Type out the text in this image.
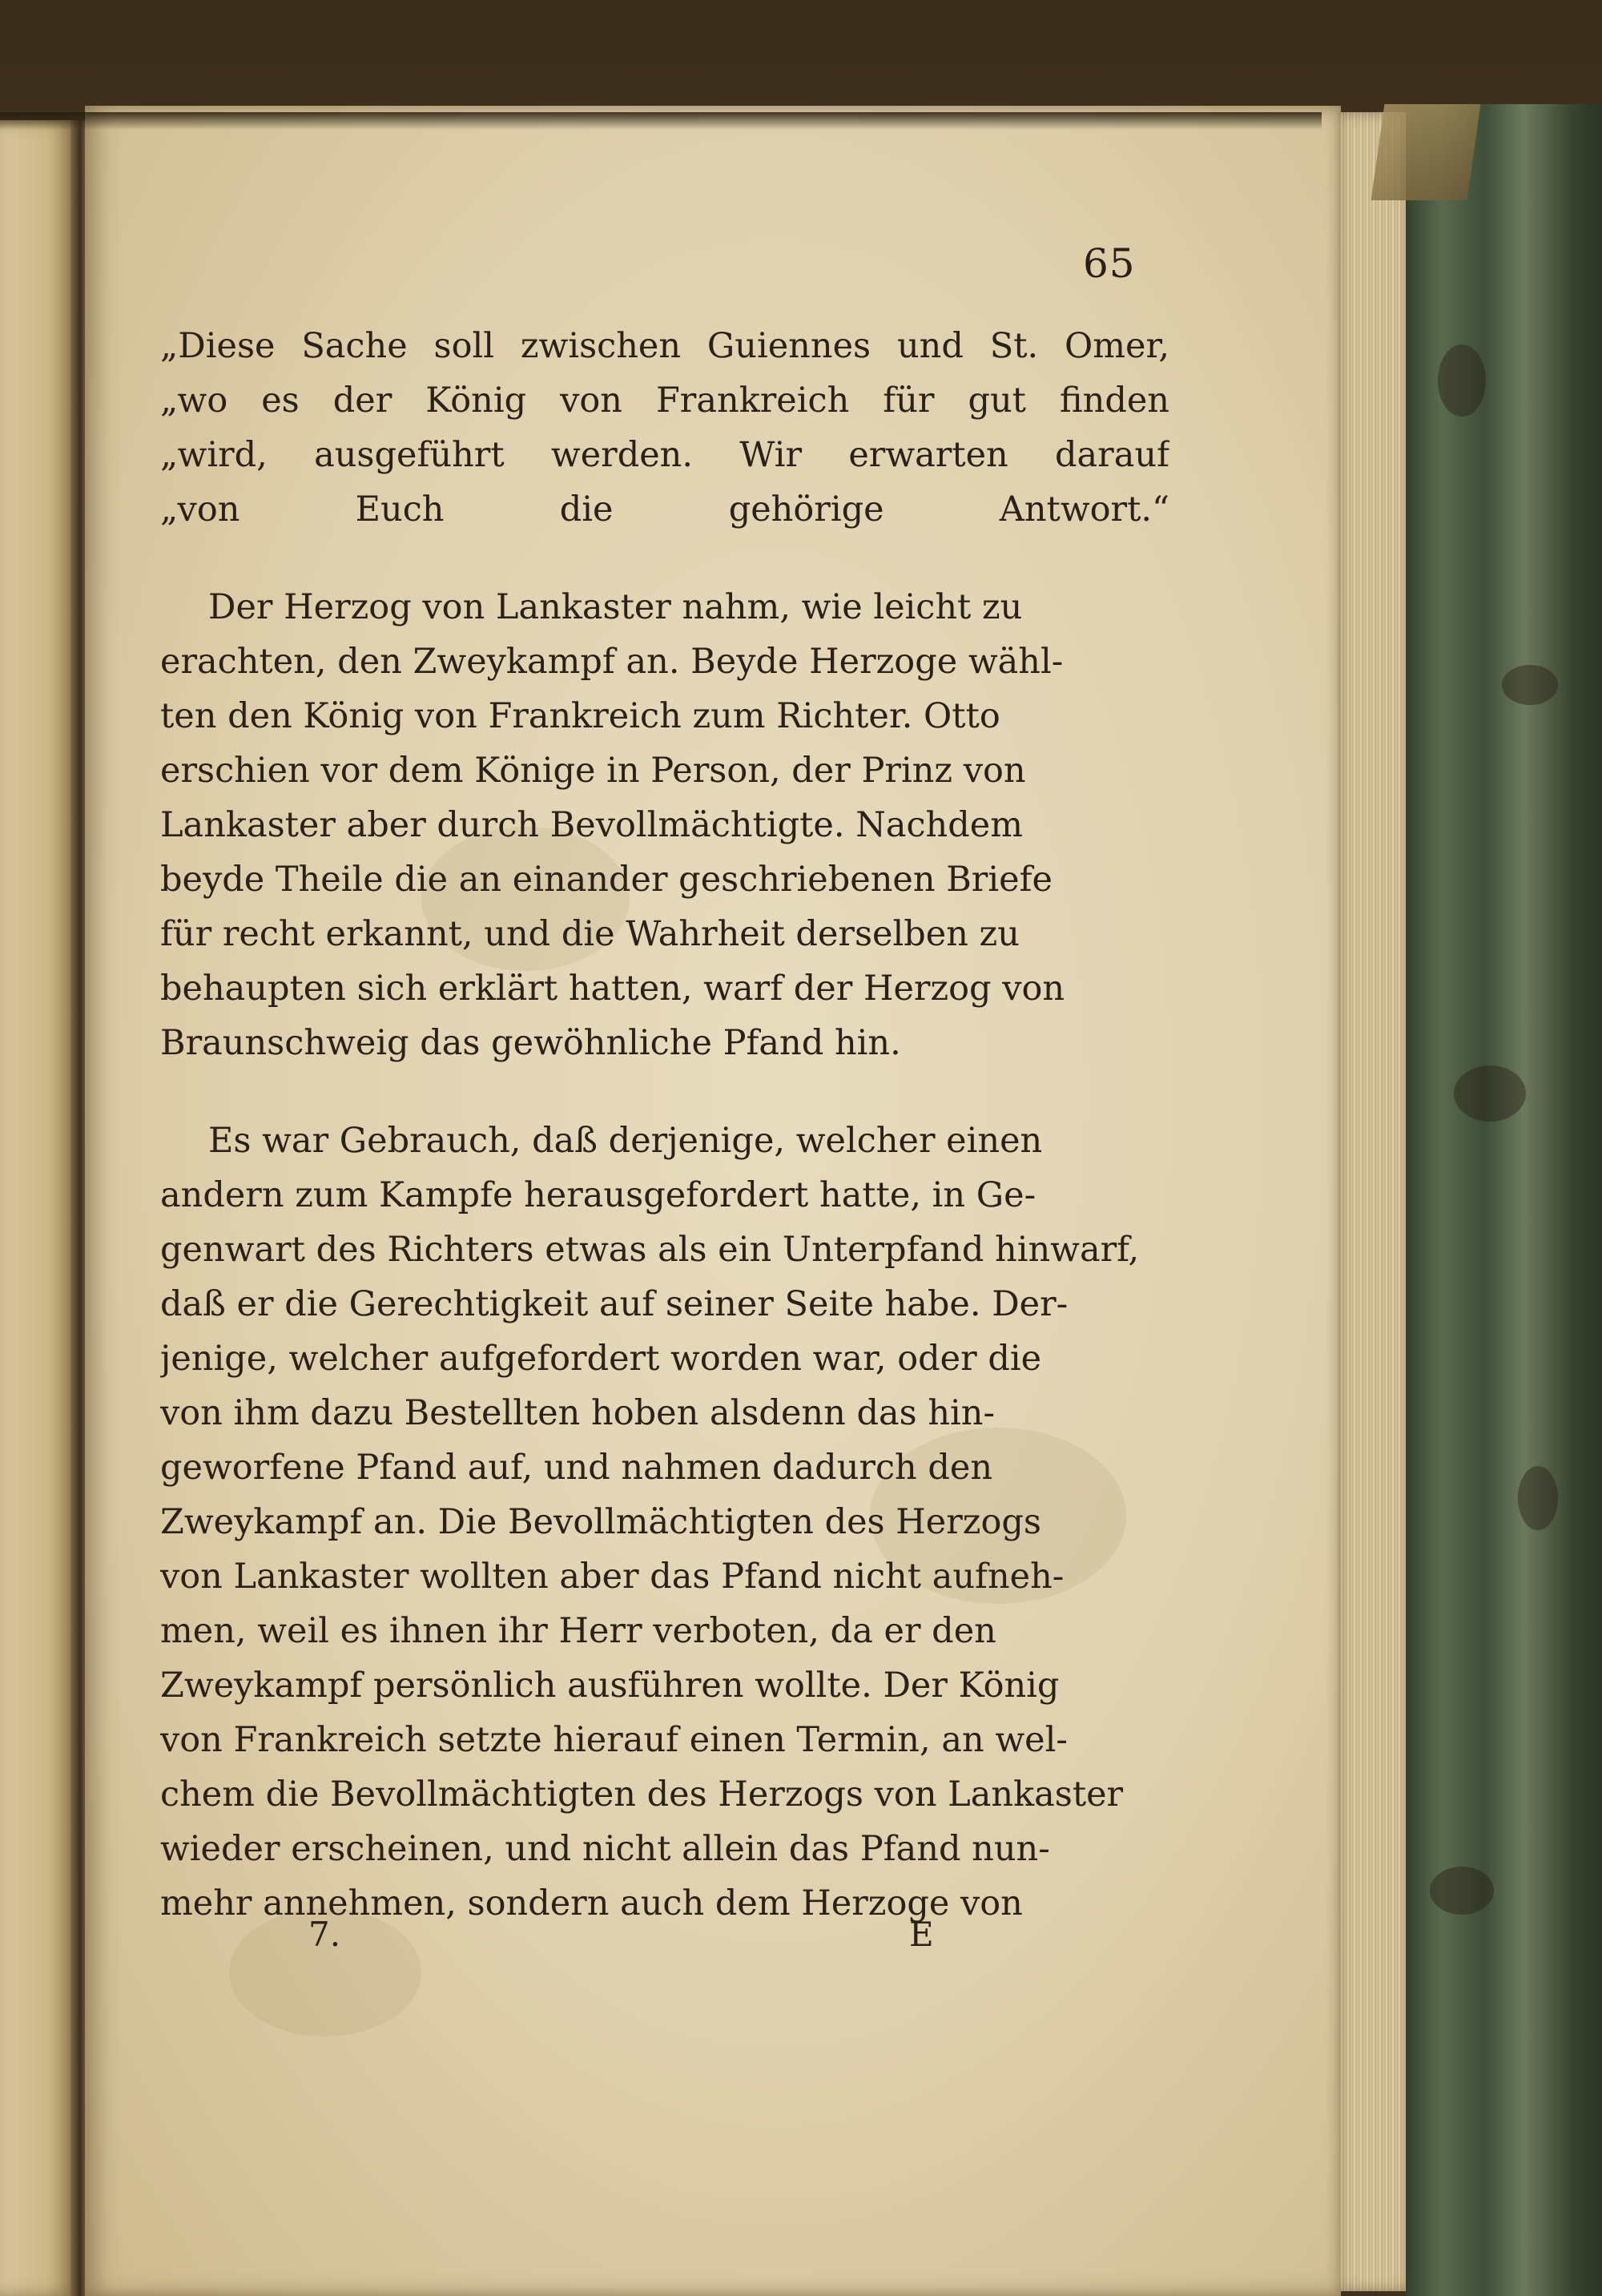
65
„Diese Sache soll zwischen Guiennes und St. Omer,
„wo es der König von Frankreich für gut finden
„wird, ausgeführt werden. Wir erwarten darauf
„von Euch die gehörige Antwort.“
Der Herzog von Lankaster nahm, wie leicht zu
erachten, den Zweykampf an. Beyde Herzoge wähl-
ten den König von Frankreich zum Richter. Otto
erschien vor dem Könige in Person, der Prinz von
Lankaster aber durch Bevollmächtigte. Nachdem
beyde Theile die an einander geschriebenen Briefe
für recht erkannt, und die Wahrheit derselben zu
behaupten sich erklärt hatten, warf der Herzog von
Braunschweig das gewöhnliche Pfand hin.
Es war Gebrauch, daß derjenige, welcher einen
andern zum Kampfe herausgefordert hatte, in Ge-
genwart des Richters etwas als ein Unterpfand hinwarf,
daß er die Gerechtigkeit auf seiner Seite habe. Der-
jenige, welcher aufgefordert worden war, oder die
von ihm dazu Bestellten hoben alsdenn das hin-
geworfene Pfand auf, und nahmen dadurch den
Zweykampf an. Die Bevollmächtigten des Herzogs
von Lankaster wollten aber das Pfand nicht aufneh-
men, weil es ihnen ihr Herr verboten, da er den
Zweykampf persönlich ausführen wollte. Der König
von Frankreich setzte hierauf einen Termin, an wel-
chem die Bevollmächtigten des Herzogs von Lankaster
wieder erscheinen, und nicht allein das Pfand nun-
mehr annehmen, sondern auch dem Herzoge von
7.	E
